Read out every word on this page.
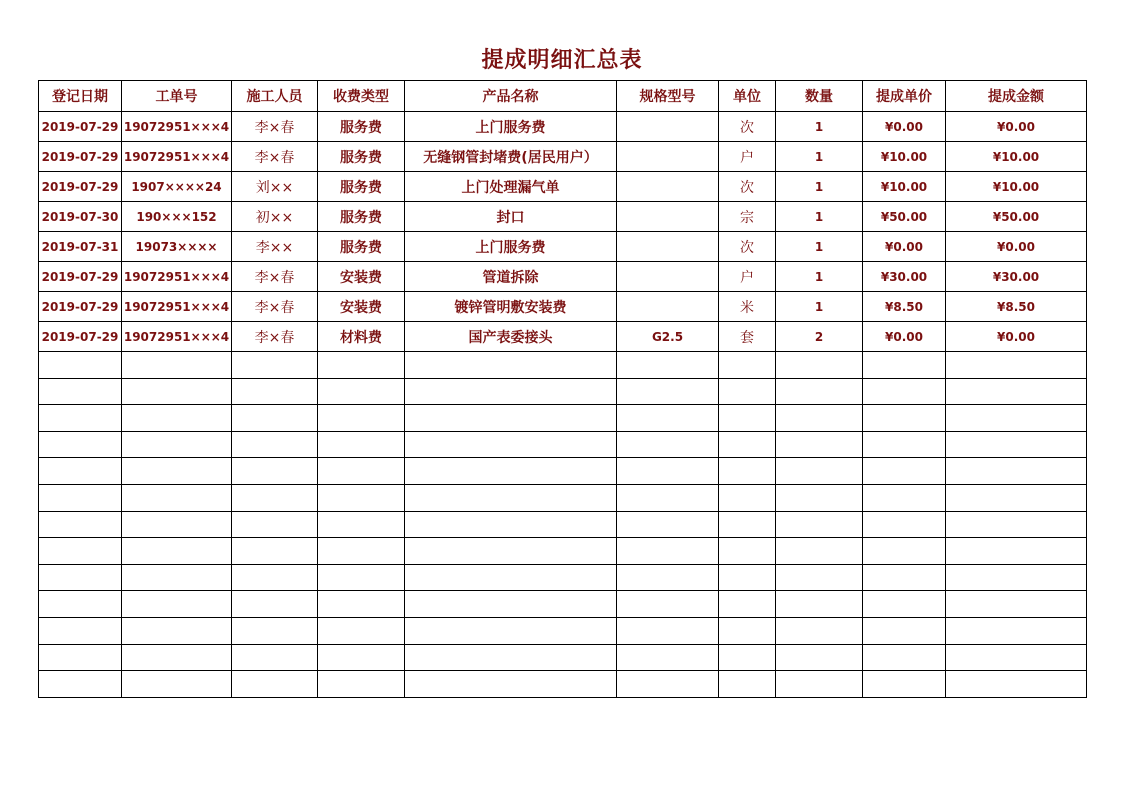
提成明细汇总表
登记日期	工单号	施工人员	收费类型	产品名称	规格型号	单位	数量	提成单价	提成金额
2019-07-29	19072951×××4	李×春	服务费	上门服务费		次	1	¥0.00	¥0.00
2019-07-29	19072951×××4	李×春	服务费	无缝钢管封堵费(居民用户）		户	1	¥10.00	¥10.00
2019-07-29	1907××××24	刘××	服务费	上门处理漏气单		次	1	¥10.00	¥10.00
2019-07-30	190×××152	初××	服务费	封口		宗	1	¥50.00	¥50.00
2019-07-31	19073××××	李××	服务费	上门服务费		次	1	¥0.00	¥0.00
2019-07-29	19072951×××4	李×春	安装费	管道拆除		户	1	¥30.00	¥30.00
2019-07-29	19072951×××4	李×春	安装费	镀锌管明敷安装费		米	1	¥8.50	¥8.50
2019-07-29	19072951×××4	李×春	材料费	国产表委接头	G2.5	套	2	¥0.00	¥0.00
